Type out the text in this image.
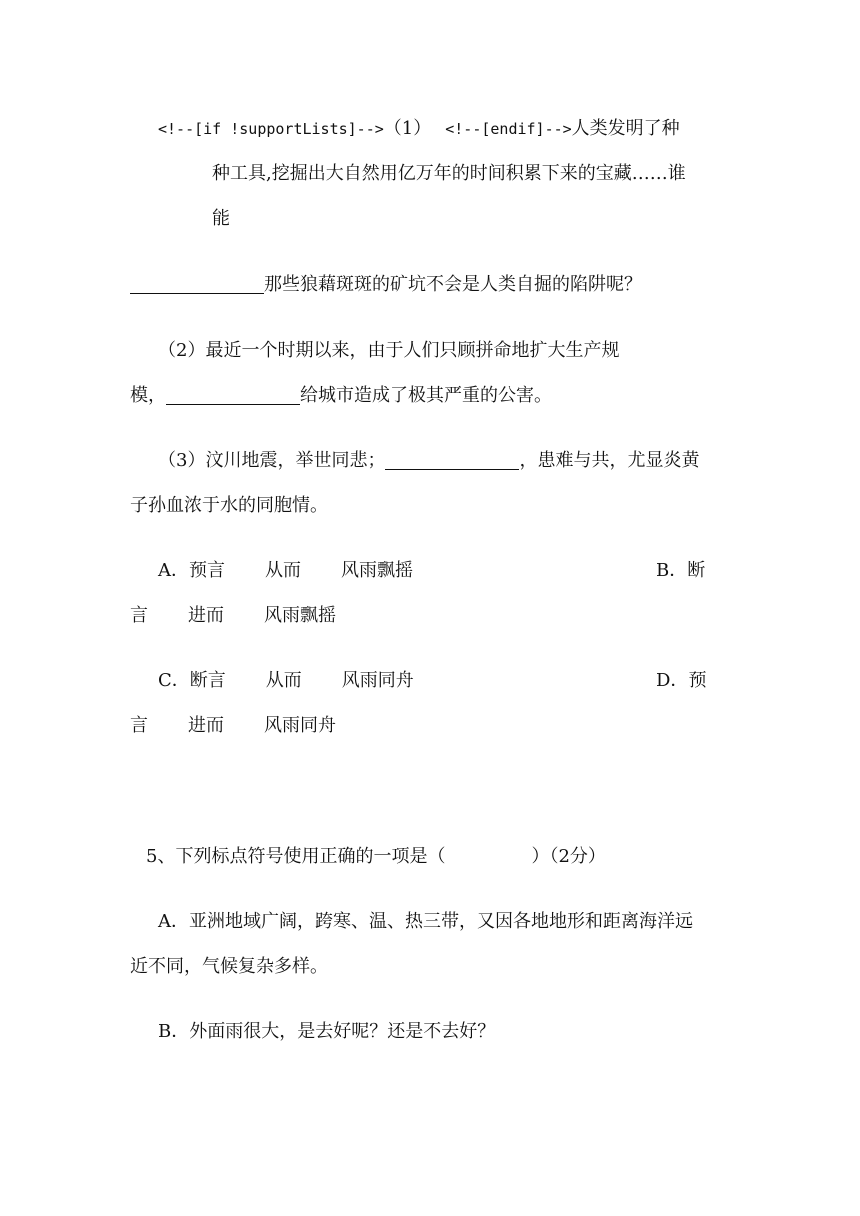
<!--[if !supportLists]-->（1） <!--[endif]-->人类发明了种
种工具,挖掘出大自然用亿万年的时间积累下来的宝藏……谁
能
那些狼藉斑斑的矿坑不会是人类自掘的陷阱呢？
（2）最近一个时期以来，由于人们只顾拼命地扩大生产规
模，	给城市造成了极其严重的公害。
（3）汶川地震，举世同悲；	，患难与共，尤显炎黄
子孙血浓于水的同胞情。
A．预言 从而 风雨飘摇	B．断
言 进而 风雨飘摇
C．断言 从而 风雨同舟	D．预
言 进而 风雨同舟
5、下列标点符号使用正确的一项是（	）（2分）
A．亚洲地域广阔，跨寒、温、热三带，又因各地地形和距离海洋远
近不同，气候复杂多样。
B．外面雨很大，是去好呢？还是不去好？
